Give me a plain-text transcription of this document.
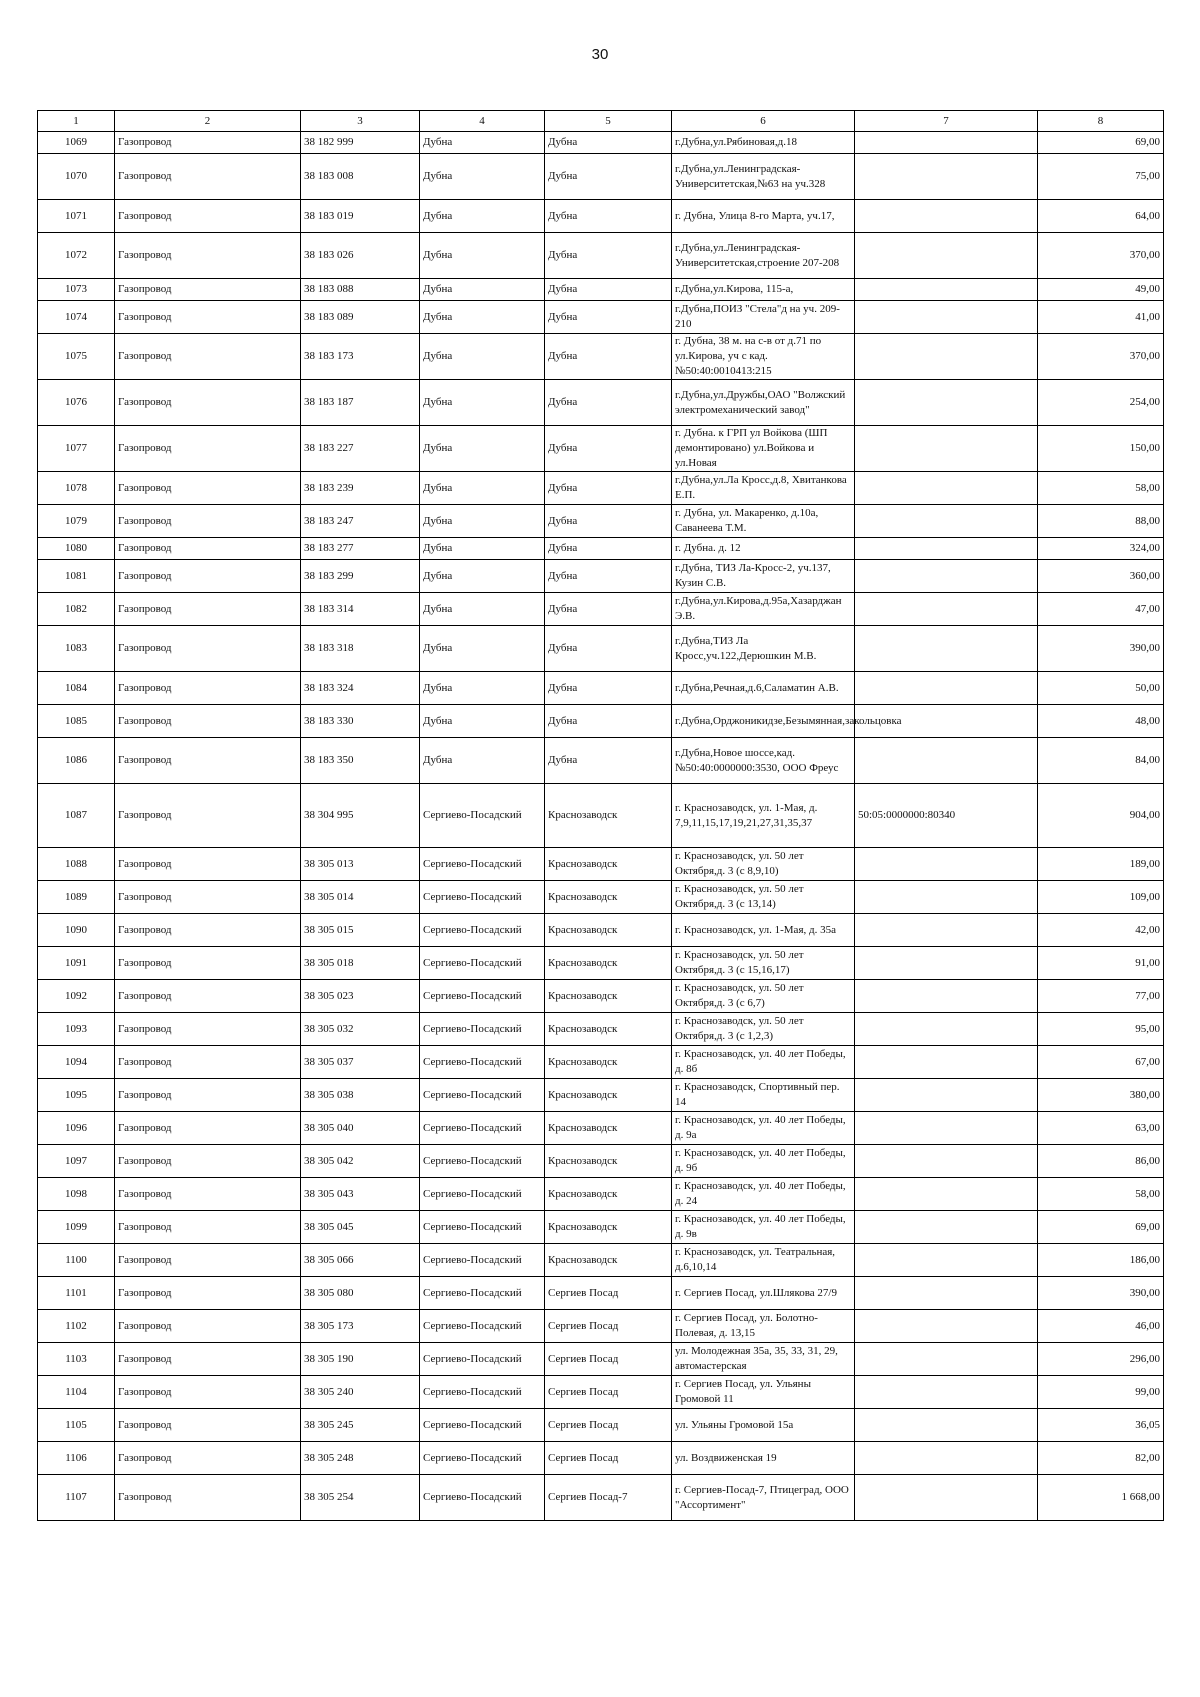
30
1	2	3	4	5	6	7	8
1069	Газопровод	38 182 999	Дубна	Дубна	г.Дубна,ул.Рябиновая,д.18		69,00
1070	Газопровод	38 183 008	Дубна	Дубна	г.Дубна,ул.Ленинградская-Университетская,№63 на уч.328		75,00
1071	Газопровод	38 183 019	Дубна	Дубна	г. Дубна, Улица 8-го Марта, уч.17,		64,00
1072	Газопровод	38 183 026	Дубна	Дубна	г.Дубна,ул.Ленинградская-Университетская,строение 207-208		370,00
1073	Газопровод	38 183 088	Дубна	Дубна	г.Дубна,ул.Кирова, 115-а,		49,00
1074	Газопровод	38 183 089	Дубна	Дубна	г.Дубна,ПОИЗ "Стела"д на уч. 209-210		41,00
1075	Газопровод	38 183 173	Дубна	Дубна	г. Дубна, 38 м. на с-в от д.71 по ул.Кирова, уч с кад. №50:40:0010413:215		370,00
1076	Газопровод	38 183 187	Дубна	Дубна	г.Дубна,ул.Дружбы,ОАО "Волжский электромеханический завод"		254,00
1077	Газопровод	38 183 227	Дубна	Дубна	г. Дубна. к ГРП ул Войкова (ШП демонтировано) ул.Войкова и ул.Новая		150,00
1078	Газопровод	38 183 239	Дубна	Дубна	г.Дубна,ул.Ла Кросс,д.8, Хвитанкова Е.П.		58,00
1079	Газопровод	38 183 247	Дубна	Дубна	г. Дубна, ул. Макаренко, д.10а, Саванеева Т.М.		88,00
1080	Газопровод	38 183 277	Дубна	Дубна	г. Дубна. д. 12		324,00
1081	Газопровод	38 183 299	Дубна	Дубна	г.Дубна, ТИЗ Ла-Кросс-2, уч.137, Кузин С.В.		360,00
1082	Газопровод	38 183 314	Дубна	Дубна	г.Дубна,ул.Кирова,д.95а,Хазарджан Э.В.		47,00
1083	Газопровод	38 183 318	Дубна	Дубна	г.Дубна,ТИЗ Ла Кросс,уч.122,Дерюшкин М.В.		390,00
1084	Газопровод	38 183 324	Дубна	Дубна	г.Дубна,Речная,д.6,Саламатин А.В.		50,00
1085	Газопровод	38 183 330	Дубна	Дубна	г.Дубна,Орджоникидзе,Безымянная,закольцовка		48,00
1086	Газопровод	38 183 350	Дубна	Дубна	г.Дубна,Новое шоссе,кад.№50:40:0000000:3530, ООО Фреус		84,00
1087	Газопровод	38 304 995	Сергиево-Посадский	Краснозаводск	г. Краснозаводск, ул. 1-Мая, д. 7,9,11,15,17,19,21,27,31,35,37	50:05:0000000:80340	904,00
1088	Газопровод	38 305 013	Сергиево-Посадский	Краснозаводск	г. Краснозаводск, ул. 50 лет Октября,д. 3 (с 8,9,10)		189,00
1089	Газопровод	38 305 014	Сергиево-Посадский	Краснозаводск	г. Краснозаводск, ул. 50 лет Октября,д. 3 (с 13,14)		109,00
1090	Газопровод	38 305 015	Сергиево-Посадский	Краснозаводск	г. Краснозаводск, ул. 1-Мая, д. 35а		42,00
1091	Газопровод	38 305 018	Сергиево-Посадский	Краснозаводск	г. Краснозаводск, ул. 50 лет Октября,д. 3 (с 15,16,17)		91,00
1092	Газопровод	38 305 023	Сергиево-Посадский	Краснозаводск	г. Краснозаводск, ул. 50 лет Октября,д. 3 (с 6,7)		77,00
1093	Газопровод	38 305 032	Сергиево-Посадский	Краснозаводск	г. Краснозаводск, ул. 50 лет Октября,д. 3 (с 1,2,3)		95,00
1094	Газопровод	38 305 037	Сергиево-Посадский	Краснозаводск	г. Краснозаводск, ул. 40 лет Победы, д. 8б		67,00
1095	Газопровод	38 305 038	Сергиево-Посадский	Краснозаводск	г. Краснозаводск, Спортивный пер. 14		380,00
1096	Газопровод	38 305 040	Сергиево-Посадский	Краснозаводск	г. Краснозаводск, ул. 40 лет Победы, д. 9а		63,00
1097	Газопровод	38 305 042	Сергиево-Посадский	Краснозаводск	г. Краснозаводск, ул. 40 лет Победы, д. 9б		86,00
1098	Газопровод	38 305 043	Сергиево-Посадский	Краснозаводск	г. Краснозаводск, ул. 40 лет Победы, д. 24		58,00
1099	Газопровод	38 305 045	Сергиево-Посадский	Краснозаводск	г. Краснозаводск, ул. 40 лет Победы, д. 9в		69,00
1100	Газопровод	38 305 066	Сергиево-Посадский	Краснозаводск	г. Краснозаводск, ул. Театральная, д.6,10,14		186,00
1101	Газопровод	38 305 080	Сергиево-Посадский	Сергиев Посад	г. Сергиев Посад, ул.Шлякова 27/9		390,00
1102	Газопровод	38 305 173	Сергиево-Посадский	Сергиев Посад	г. Сергиев Посад, ул. Болотно-Полевая, д. 13,15		46,00
1103	Газопровод	38 305 190	Сергиево-Посадский	Сергиев Посад	ул. Молодежная 35а, 35, 33, 31, 29, автомастерская		296,00
1104	Газопровод	38 305 240	Сергиево-Посадский	Сергиев Посад	г. Сергиев Посад, ул. Ульяны Громовой 11		99,00
1105	Газопровод	38 305 245	Сергиево-Посадский	Сергиев Посад	ул. Ульяны Громовой 15а		36,05
1106	Газопровод	38 305 248	Сергиево-Посадский	Сергиев Посад	ул. Воздвиженская 19		82,00
1107	Газопровод	38 305 254	Сергиево-Посадский	Сергиев Посад-7	г. Сергиев-Посад-7, Птицеград, ООО "Ассортимент"		1 668,00
